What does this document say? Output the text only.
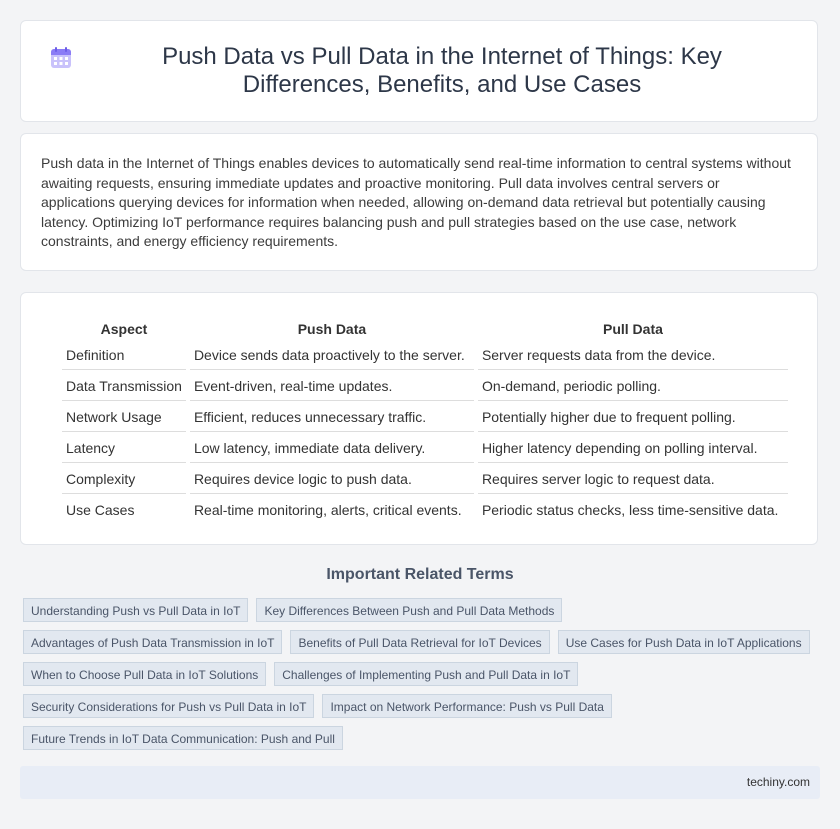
Push Data vs Pull Data in the Internet of Things: Key Differences, Benefits, and Use Cases

Push data in the Internet of Things enables devices to automatically send real-time information to central systems without awaiting requests, ensuring immediate updates and proactive monitoring. Pull data involves central servers or applications querying devices for information when needed, allowing on-demand data retrieval but potentially causing latency. Optimizing IoT performance requires balancing push and pull strategies based on the use case, network constraints, and energy efficiency requirements.

Aspect	Push Data	Pull Data
Definition	Device sends data proactively to the server.	Server requests data from the device.
Data Transmission	Event-driven, real-time updates.	On-demand, periodic polling.
Network Usage	Efficient, reduces unnecessary traffic.	Potentially higher due to frequent polling.
Latency	Low latency, immediate data delivery.	Higher latency depending on polling interval.
Complexity	Requires device logic to push data.	Requires server logic to request data.
Use Cases	Real-time monitoring, alerts, critical events.	Periodic status checks, less time-sensitive data.
Important Related Terms
Understanding Push vs Pull Data in IoT	Key Differences Between Push and Pull Data Methods
Advantages of Push Data Transmission in IoT	Benefits of Pull Data Retrieval for IoT Devices	Use Cases for Push Data in IoT Applications
When to Choose Pull Data in IoT Solutions	Challenges of Implementing Push and Pull Data in IoT
Security Considerations for Push vs Pull Data in IoT	Impact on Network Performance: Push vs Pull Data
Future Trends in IoT Data Communication: Push and Pull
techiny.com
